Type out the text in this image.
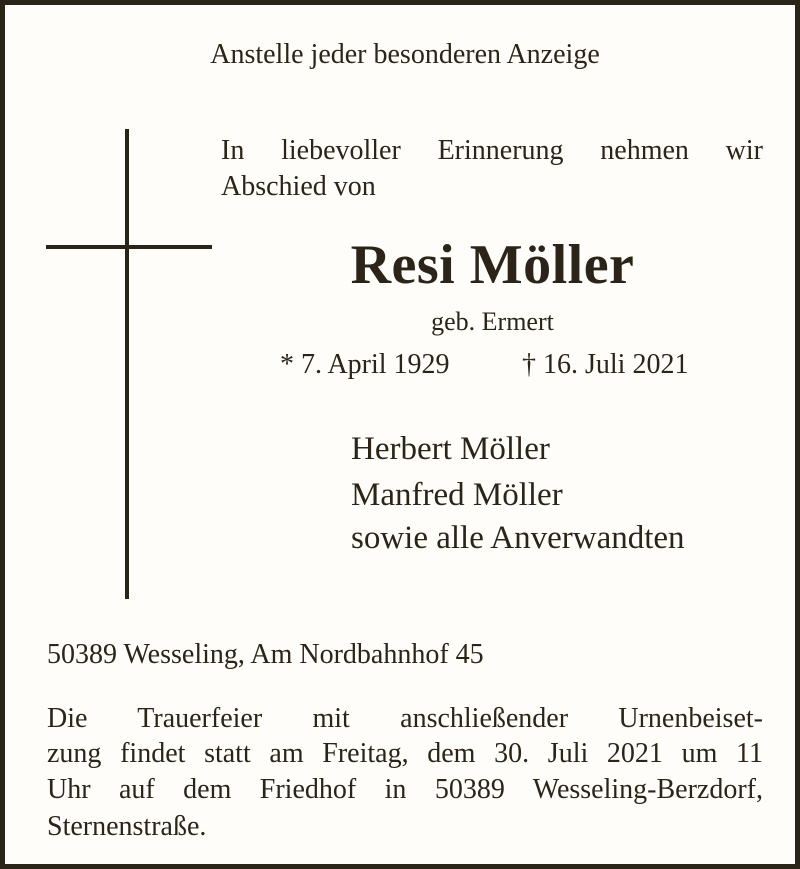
Anstelle jeder besonderen Anzeige
In liebevoller Erinnerung nehmen wir
Abschied von
Resi Möller
geb. Ermert
* 7. April 1929	† 16. Juli 2021
Herbert Möller
Manfred Möller
sowie alle Anverwandten
50389 Wesseling, Am Nordbahnhof 45
Die Trauerfeier mit anschließender Urnenbeiset-
zung findet statt am Freitag, dem 30. Juli 2021 um 11
Uhr auf dem Friedhof in 50389 Wesseling-Berzdorf,
Sternenstraße.
